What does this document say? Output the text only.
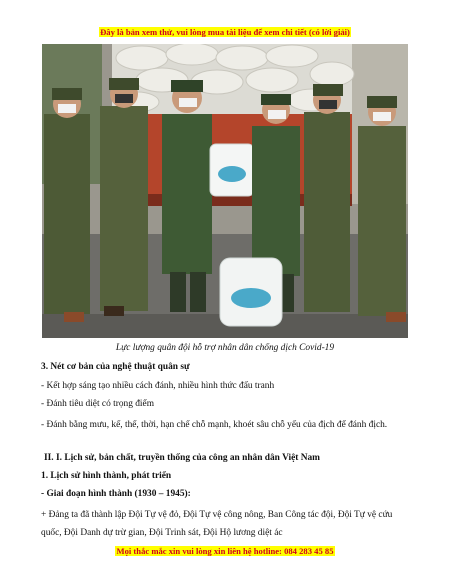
Đây là bản xem thử, vui lòng mua tài liệu để xem chi tiết (có lời giải)
Lực lượng quân đội hỗ trợ nhân dân chống dịch Covid-19
3. Nét cơ bản của nghệ thuật quân sự
- Kết hợp sáng tạo nhiều cách đánh, nhiều hình thức đấu tranh
- Đánh tiêu diệt có trọng điểm
- Đánh bằng mưu, kế, thế, thời, hạn chế chỗ mạnh, khoét sâu chỗ yếu của địch để đánh địch.
II. I. Lịch sử, bản chất, truyền thống của công an nhân dân Việt Nam
1. Lịch sử hình thành, phát triển
- Giai đoạn hình thành (1930 – 1945):
+ Đảng ta đã thành lập Đội Tự vệ đỏ, Đội Tự vệ công nông, Ban Công tác đội, Đội Tự vệ cứu quốc, Đội Danh dự trừ gian, Đội Trinh sát, Đội Hộ lương diệt ác
Mọi thắc mắc xin vui lòng xin liên hệ hotline: 084 283 45 85
